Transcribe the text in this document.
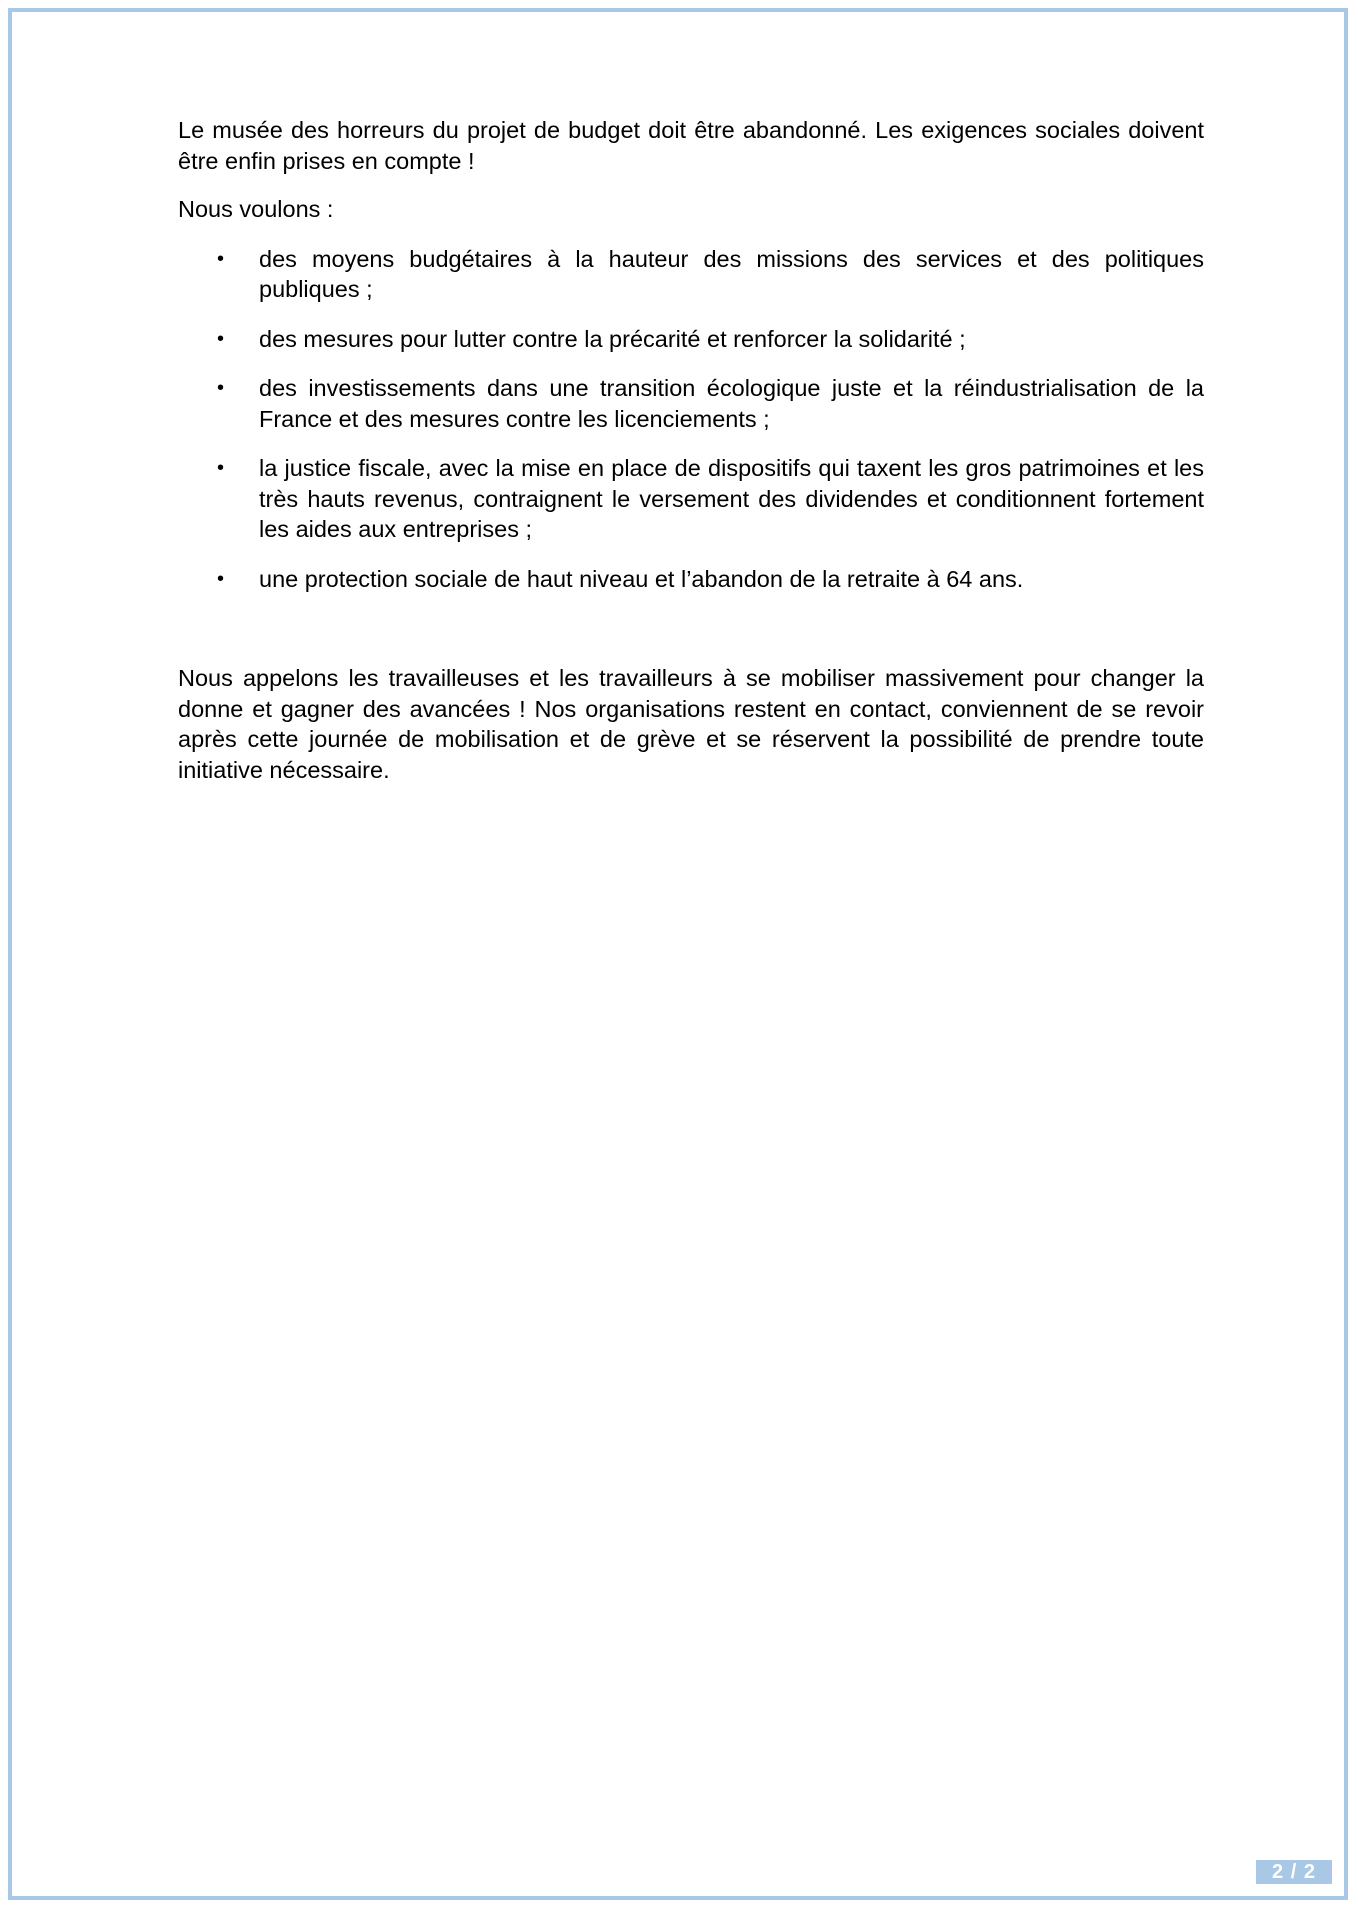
Le musée des horreurs du projet de budget doit être abandonné. Les exigences sociales doivent être enfin prises en compte !

Nous voulons :

• des moyens budgétaires à la hauteur des missions des services et des politiques publiques ;
• des mesures pour lutter contre la précarité et renforcer la solidarité ;
• des investissements dans une transition écologique juste et la réindustrialisation de la France et des mesures contre les licenciements ;
• la justice fiscale, avec la mise en place de dispositifs qui taxent les gros patrimoines et les très hauts revenus, contraignent le versement des dividendes et conditionnent fortement les aides aux entreprises ;
• une protection sociale de haut niveau et l’abandon de la retraite à 64 ans.

Nous appelons les travailleuses et les travailleurs à se mobiliser massivement pour changer la donne et gagner des avancées ! Nos organisations restent en contact, conviennent de se revoir après cette journée de mobilisation et de grève et se réservent la possibilité de prendre toute initiative nécessaire.

2 / 2
